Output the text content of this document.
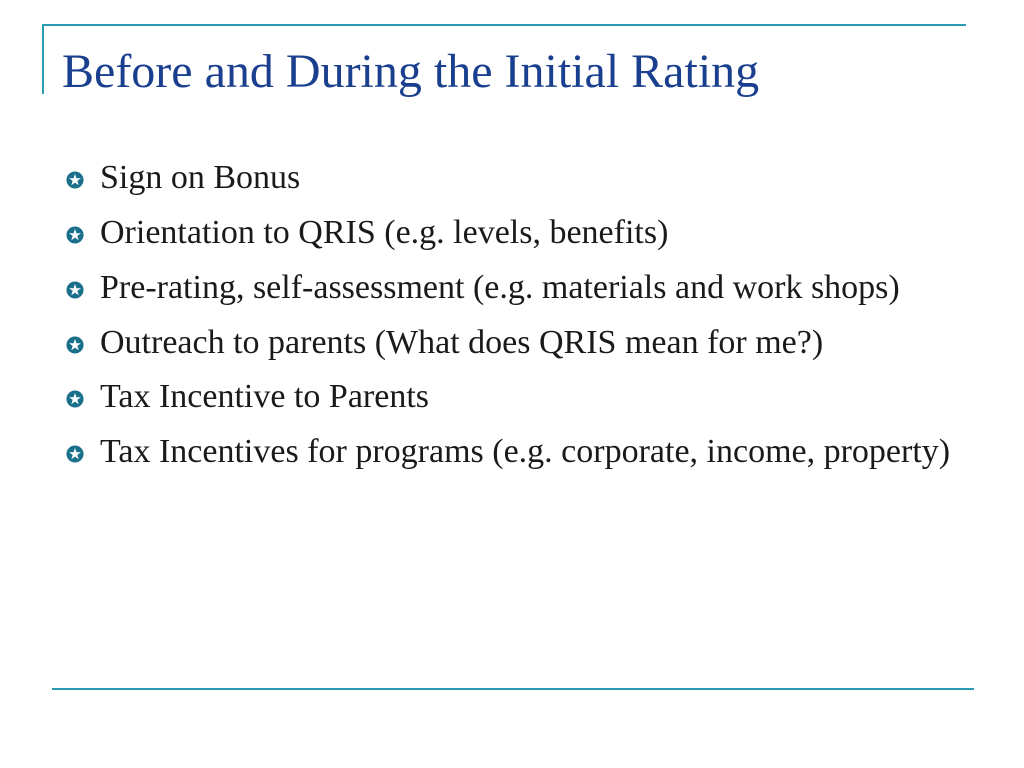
Before and During the Initial Rating
Sign on Bonus
Orientation to QRIS (e.g. levels, benefits)
Pre-rating, self-assessment (e.g. materials and work shops)
Outreach to parents (What does QRIS mean for me?)
Tax Incentive to Parents
Tax Incentives for programs (e.g. corporate, income, property)
